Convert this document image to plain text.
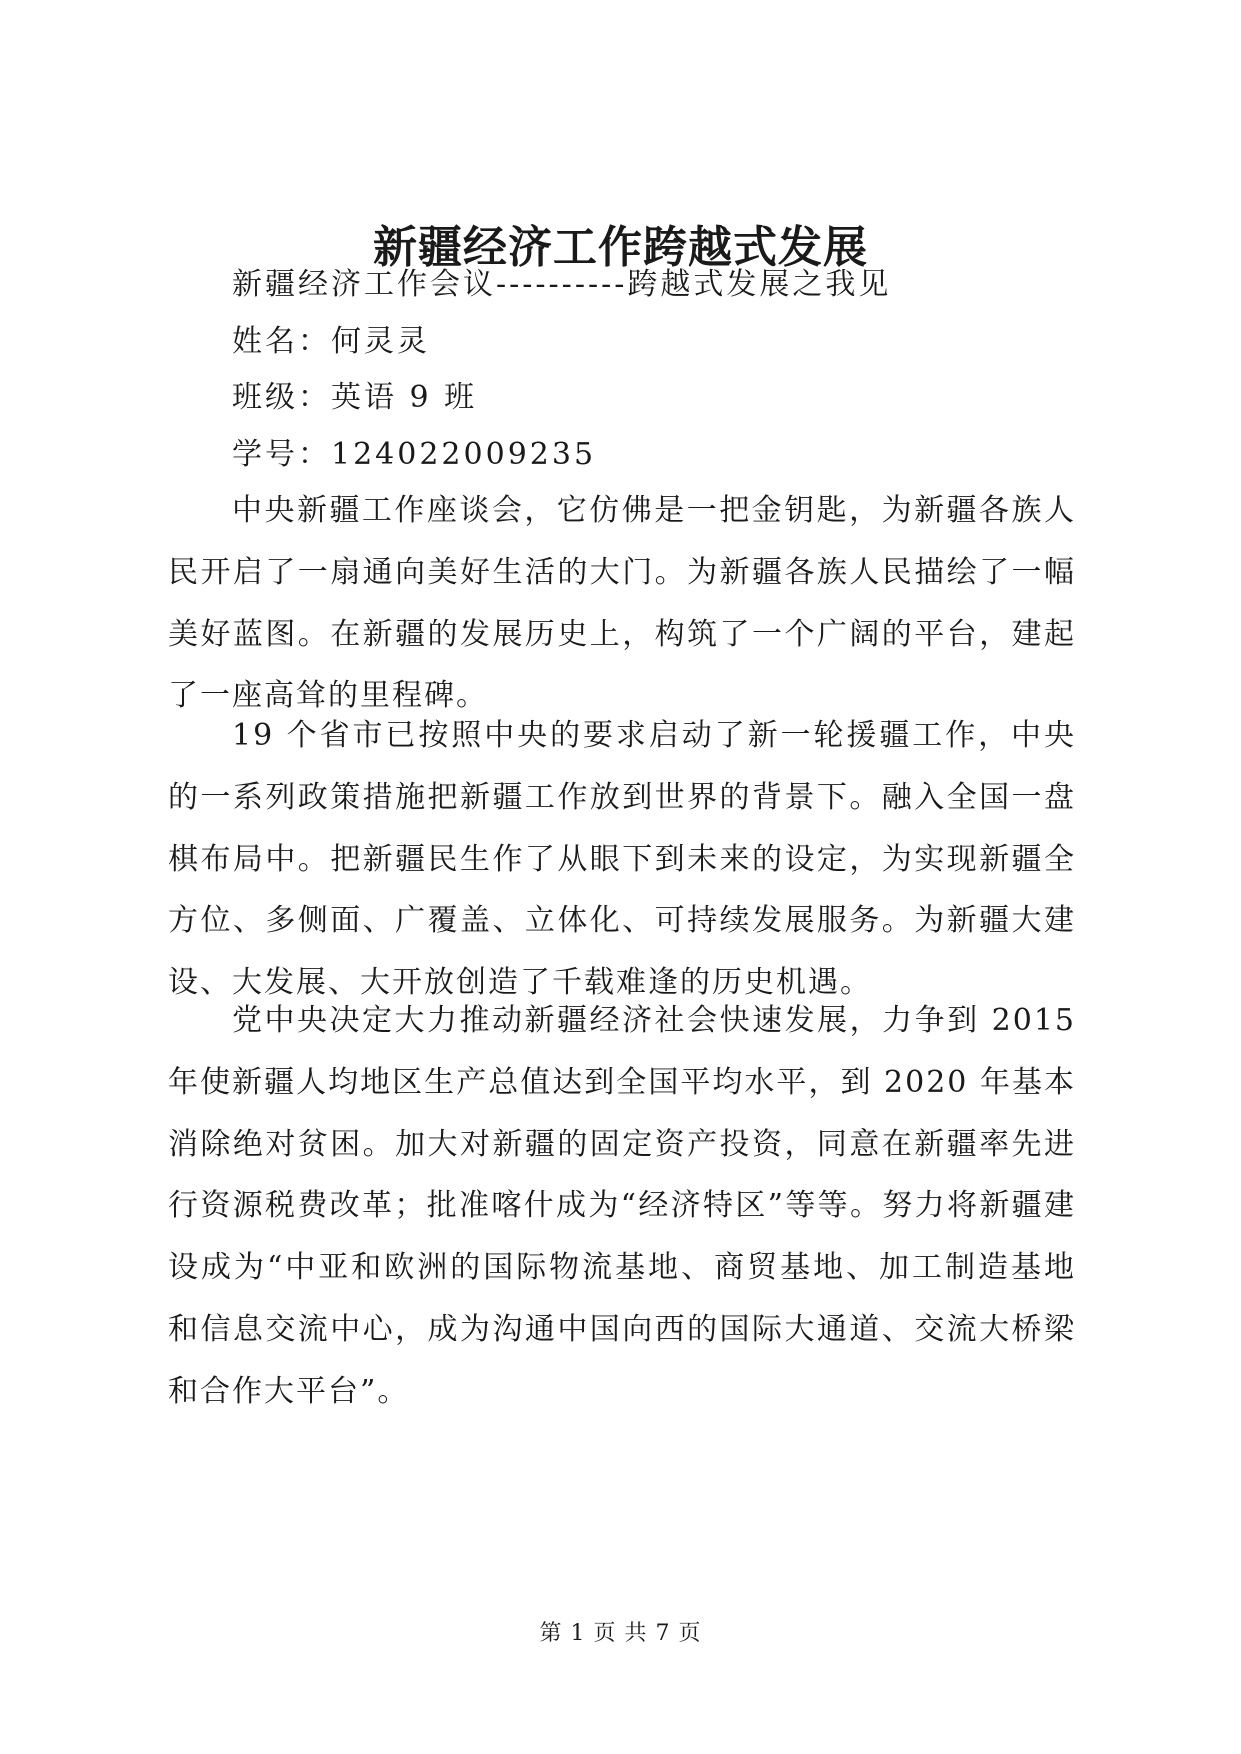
新疆经济工作跨越式发展
新疆经济工作会议----------跨越式发展之我见
姓名：何灵灵
班级：英语 9 班
学号：124022009235

中央新疆工作座谈会，它仿佛是一把金钥匙，为新疆各族人民开启了一扇通向美好生活的大门。为新疆各族人民描绘了一幅美好蓝图。在新疆的发展历史上，构筑了一个广阔的平台，建起了一座高耸的里程碑。

19 个省市已按照中央的要求启动了新一轮援疆工作，中央的一系列政策措施把新疆工作放到世界的背景下。融入全国一盘棋布局中。把新疆民生作了从眼下到未来的设定，为实现新疆全方位、多侧面、广覆盖、立体化、可持续发展服务。为新疆大建设、大发展、大开放创造了千载难逢的历史机遇。

党中央决定大力推动新疆经济社会快速发展，力争到 2015 年使新疆人均地区生产总值达到全国平均水平，到 2020 年基本消除绝对贫困。加大对新疆的固定资产投资，同意在新疆率先进行资源税费改革；批准喀什成为“经济特区”等等。努力将新疆建设成为“中亚和欧洲的国际物流基地、商贸基地、加工制造基地和信息交流中心，成为沟通中国向西的国际大通道、交流大桥梁和合作大平台”。

第 1 页 共 7 页
